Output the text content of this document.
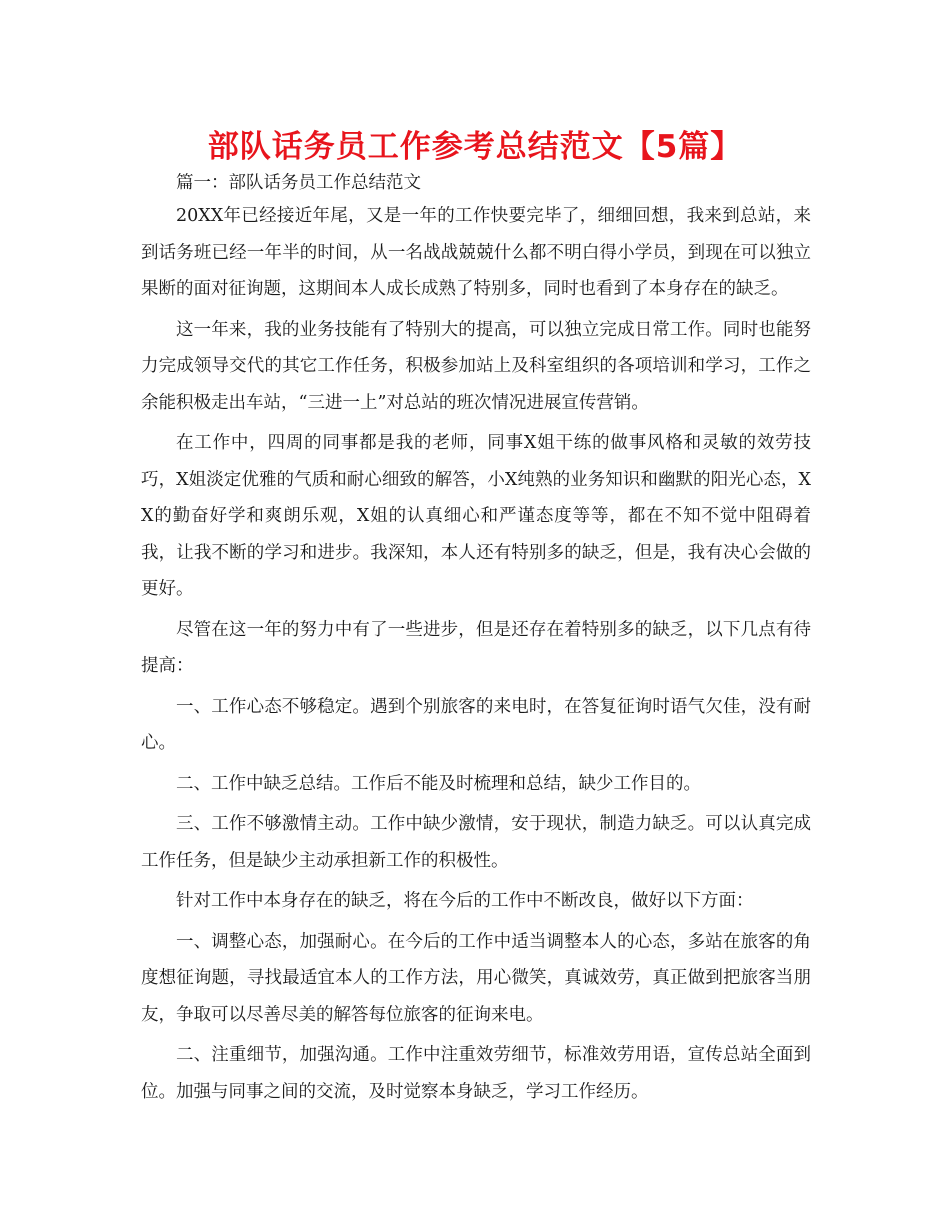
部队话务员工作参考总结范文【5篇】

篇一：部队话务员工作总结范文

20XX年已经接近年尾，又是一年的工作快要完毕了，细细回想，我来到总站，来到话务班已经一年半的时间，从一名战战兢兢什么都不明白得小学员，到现在可以独立果断的面对征询题，这期间本人成长成熟了特别多，同时也看到了本身存在的缺乏。

这一年来，我的业务技能有了特别大的提高，可以独立完成日常工作。同时也能努力完成领导交代的其它工作任务，积极参加站上及科室组织的各项培训和学习，工作之余能积极走出车站，“三进一上”对总站的班次情况进展宣传营销。

在工作中，四周的同事都是我的老师，同事X姐干练的做事风格和灵敏的效劳技巧，X姐淡定优雅的气质和耐心细致的解答，小X纯熟的业务知识和幽默的阳光心态，XX的勤奋好学和爽朗乐观，X姐的认真细心和严谨态度等等，都在不知不觉中阻碍着我，让我不断的学习和进步。我深知，本人还有特别多的缺乏，但是，我有决心会做的更好。

尽管在这一年的努力中有了一些进步，但是还存在着特别多的缺乏，以下几点有待提高：

一、工作心态不够稳定。遇到个别旅客的来电时，在答复征询时语气欠佳，没有耐心。

二、工作中缺乏总结。工作后不能及时梳理和总结，缺少工作目的。

三、工作不够激情主动。工作中缺少激情，安于现状，制造力缺乏。可以认真完成工作任务，但是缺少主动承担新工作的积极性。

针对工作中本身存在的缺乏，将在今后的工作中不断改良，做好以下方面：

一、调整心态，加强耐心。在今后的工作中适当调整本人的心态，多站在旅客的角度想征询题，寻找最适宜本人的工作方法，用心微笑，真诚效劳，真正做到把旅客当朋友，争取可以尽善尽美的解答每位旅客的征询来电。

二、注重细节，加强沟通。工作中注重效劳细节，标准效劳用语，宣传总站全面到位。加强与同事之间的交流，及时觉察本身缺乏，学习工作经历。
